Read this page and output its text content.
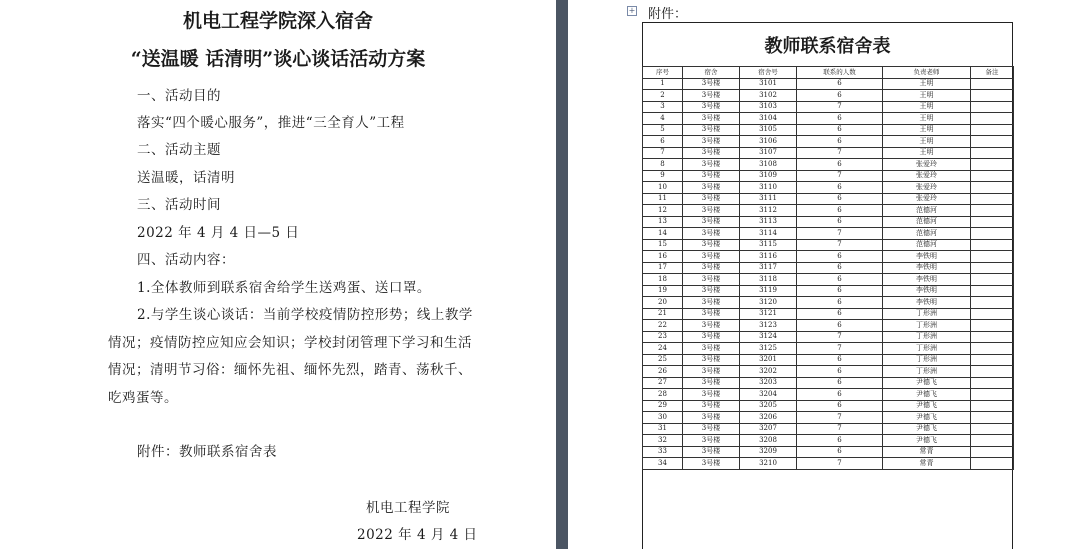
机电工程学院深入宿舍
“送温暖 话清明”谈心谈话活动方案
一、活动目的
落实“四个暖心服务”，推进“三全育人”工程
二、活动主题
送温暖，话清明
三、活动时间
2022 年 4 月 4 日—5 日
四、活动内容：
1.全体教师到联系宿舍给学生送鸡蛋、送口罩。
2.与学生谈心谈话：当前学校疫情防控形势；线上教学
情况；疫情防控应知应会知识；学校封闭管理下学习和生活
情况；清明节习俗：缅怀先祖、缅怀先烈，踏青、荡秋千、
吃鸡蛋等。
附件：教师联系宿舍表
机电工程学院
2022 年 4 月 4 日
+ 附件：
教师联系宿舍表
序号	宿舍	宿舍号	联系的人数	负责老师	备注
1	3号楼	3101	6	王明	
2	3号楼	3102	6	王明	
3	3号楼	3103	7	王明	
4	3号楼	3104	6	王明	
5	3号楼	3105	6	王明	
6	3号楼	3106	6	王明	
7	3号楼	3107	7	王明	
8	3号楼	3108	6	张爱玲	
9	3号楼	3109	7	张爱玲	
10	3号楼	3110	6	张爱玲	
11	3号楼	3111	6	张爱玲	
12	3号楼	3112	6	范德河	
13	3号楼	3113	6	范德河	
14	3号楼	3114	7	范德河	
15	3号楼	3115	7	范德河	
16	3号楼	3116	6	李铁明	
17	3号楼	3117	6	李铁明	
18	3号楼	3118	6	李铁明	
19	3号楼	3119	6	李铁明	
20	3号楼	3120	6	李铁明	
21	3号楼	3121	6	丁形洲	
22	3号楼	3123	6	丁形洲	
23	3号楼	3124	7	丁形洲	
24	3号楼	3125	7	丁形洲	
25	3号楼	3201	6	丁形洲	
26	3号楼	3202	6	丁形洲	
27	3号楼	3203	6	尹德飞	
28	3号楼	3204	6	尹德飞	
29	3号楼	3205	6	尹德飞	
30	3号楼	3206	7	尹德飞	
31	3号楼	3207	7	尹德飞	
32	3号楼	3208	6	尹德飞	
33	3号楼	3209	6	常青	
34	3号楼	3210	7	常青	
